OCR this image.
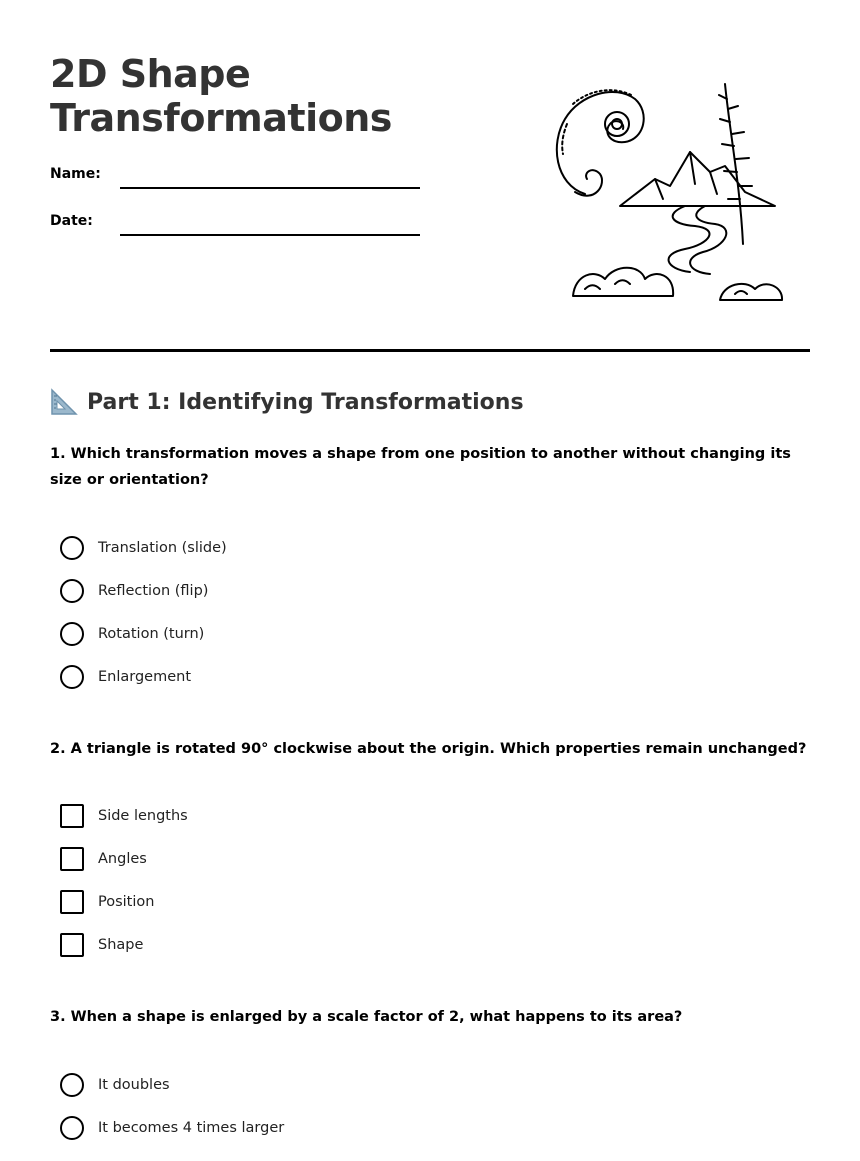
2D Shape
Transformations
Name:
Date:
Part 1: Identifying Transformations

1. Which transformation moves a shape from one position to another without changing its size or orientation?

Translation (slide)
Reflection (flip)
Rotation (turn)
Enlargement

2. A triangle is rotated 90° clockwise about the origin. Which properties remain unchanged?

Side lengths
Angles
Position
Shape

3. When a shape is enlarged by a scale factor of 2, what happens to its area?

It doubles
It becomes 4 times larger
